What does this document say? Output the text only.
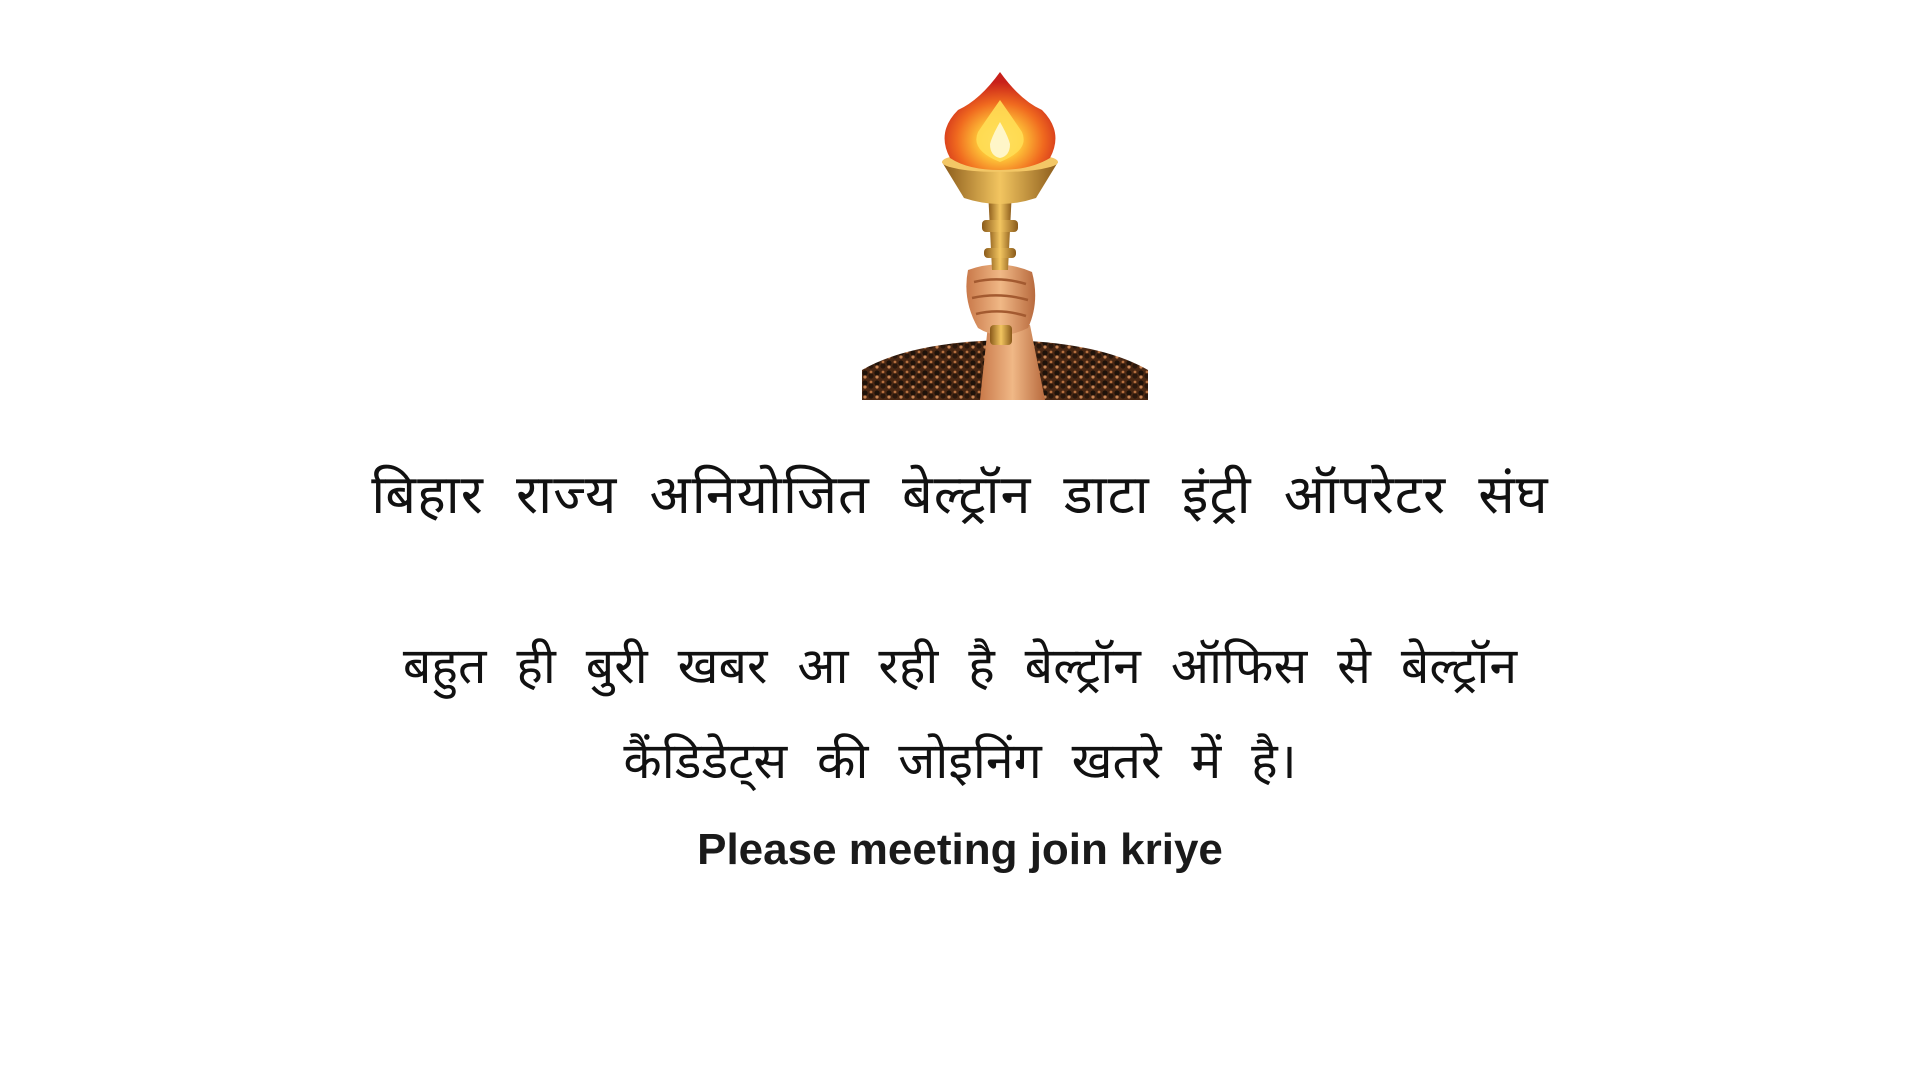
बिहार राज्य अनियोजित बेल्ट्रॉन डाटा इंट्री ऑपरेटर संघ
बहुत ही बुरी खबर आ रही है बेल्ट्रॉन ऑफिस से बेल्ट्रॉन
कैंडिडेट्स की जोइनिंग खतरे में है।
Please meeting join kriye
